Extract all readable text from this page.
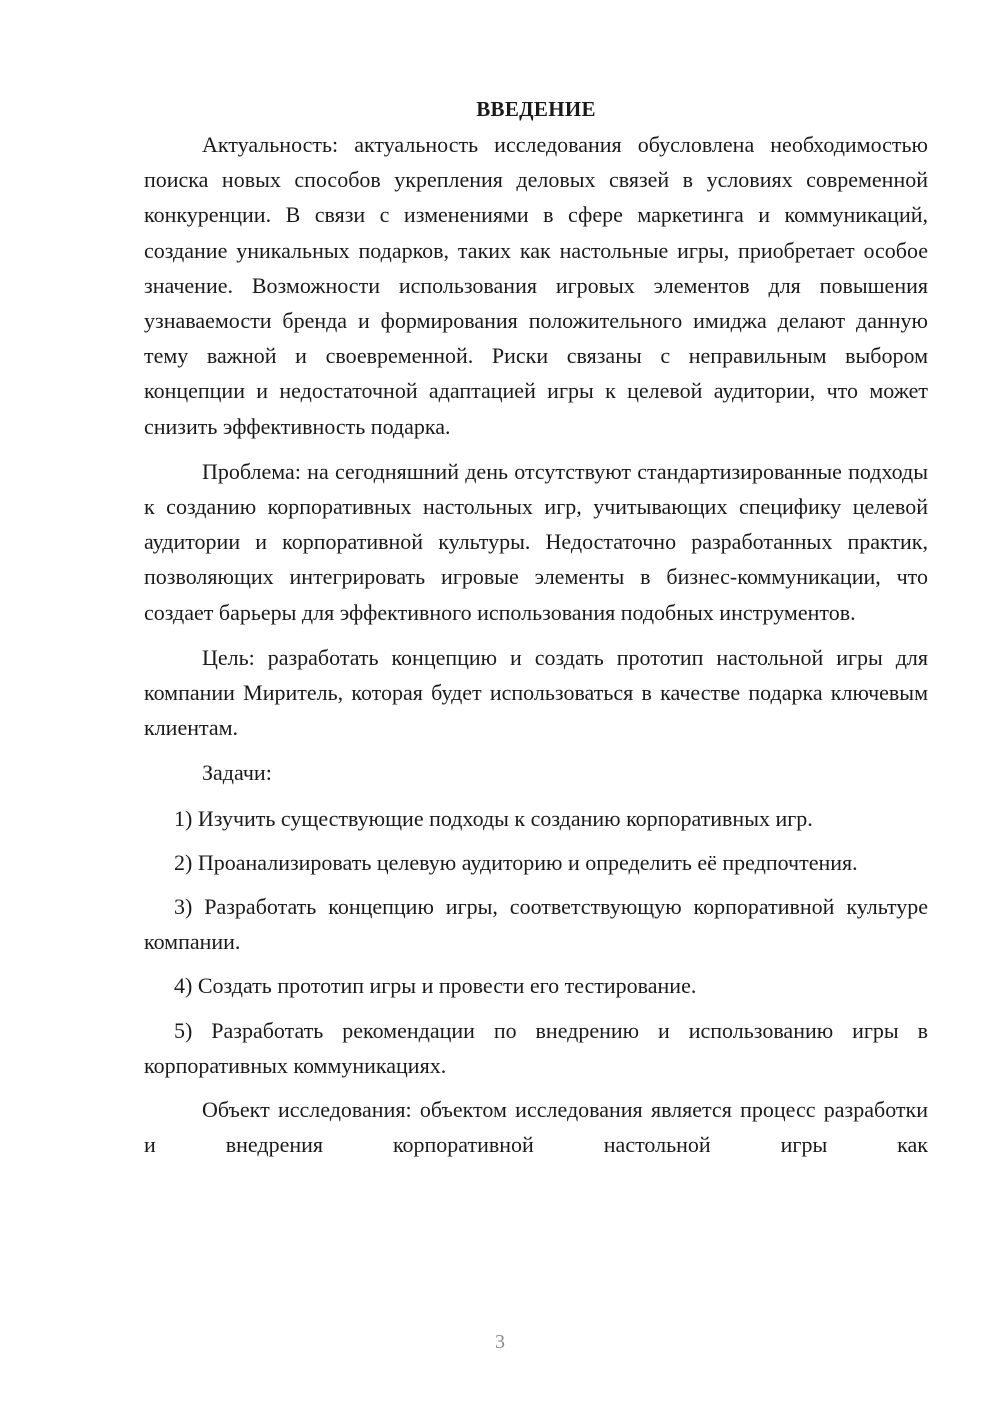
ВВЕДЕНИЕ

Актуальность: актуальность исследования обусловлена необходимостью поиска новых способов укрепления деловых связей в условиях современной конкуренции. В связи с изменениями в сфере маркетинга и коммуникаций, создание уникальных подарков, таких как настольные игры, приобретает особое значение. Возможности использования игровых элементов для повышения узнаваемости бренда и формирования положительного имиджа делают данную тему важной и своевременной. Риски связаны с неправильным выбором концепции и недостаточной адаптацией игры к целевой аудитории, что может снизить эффективность подарка.

Проблема: на сегодняшний день отсутствуют стандартизированные подходы к созданию корпоративных настольных игр, учитывающих специфику целевой аудитории и корпоративной культуры. Недостаточно разработанных практик, позволяющих интегрировать игровые элементы в бизнес-коммуникации, что создает барьеры для эффективного использования подобных инструментов.

Цель: разработать концепцию и создать прототип настольной игры для компании Миритель, которая будет использоваться в качестве подарка ключевым клиентам.

Задачи:

1) Изучить существующие подходы к созданию корпоративных игр.

2) Проанализировать целевую аудиторию и определить её предпочтения.

3) Разработать концепцию игры, соответствующую корпоративной культуре компании.

4) Создать прототип игры и провести его тестирование.

5) Разработать рекомендации по внедрению и использованию игры в корпоративных коммуникациях.

Объект исследования: объектом исследования является процесс разработки и внедрения корпоративной настольной игры как

3
